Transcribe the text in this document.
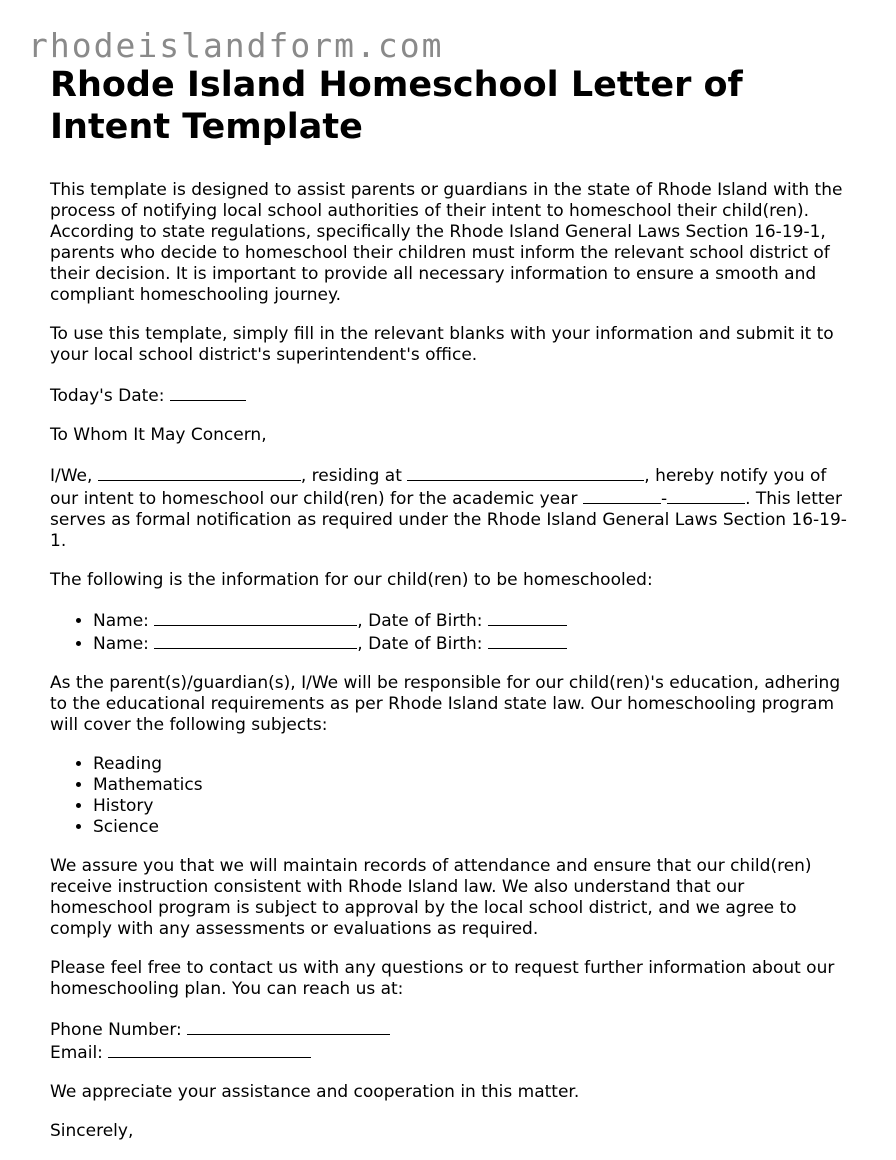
rhodeislandform.com
Rhode Island Homeschool Letter of Intent Template

This template is designed to assist parents or guardians in the state of Rhode Island with the process of notifying local school authorities of their intent to homeschool their child(ren). According to state regulations, specifically the Rhode Island General Laws Section 16-19-1, parents who decide to homeschool their children must inform the relevant school district of their decision. It is important to provide all necessary information to ensure a smooth and compliant homeschooling journey.

To use this template, simply fill in the relevant blanks with your information and submit it to your local school district's superintendent's office.

Today's Date:

To Whom It May Concern,

I/We,	, residing at	, hereby notify you of our intent to homeschool our child(ren) for the academic year	-	. This letter serves as formal notification as required under the Rhode Island General Laws Section 16-19-1.

The following is the information for our child(ren) to be homeschooled:

• Name:	, Date of Birth:
• Name:	, Date of Birth:

As the parent(s)/guardian(s), I/We will be responsible for our child(ren)'s education, adhering to the educational requirements as per Rhode Island state law. Our homeschooling program will cover the following subjects:

• Reading
• Mathematics
• History
• Science

We assure you that we will maintain records of attendance and ensure that our child(ren) receive instruction consistent with Rhode Island law. We also understand that our homeschool program is subject to approval by the local school district, and we agree to comply with any assessments or evaluations as required.

Please feel free to contact us with any questions or to request further information about our homeschooling plan. You can reach us at:

Phone Number:
Email:

We appreciate your assistance and cooperation in this matter.

Sincerely,
